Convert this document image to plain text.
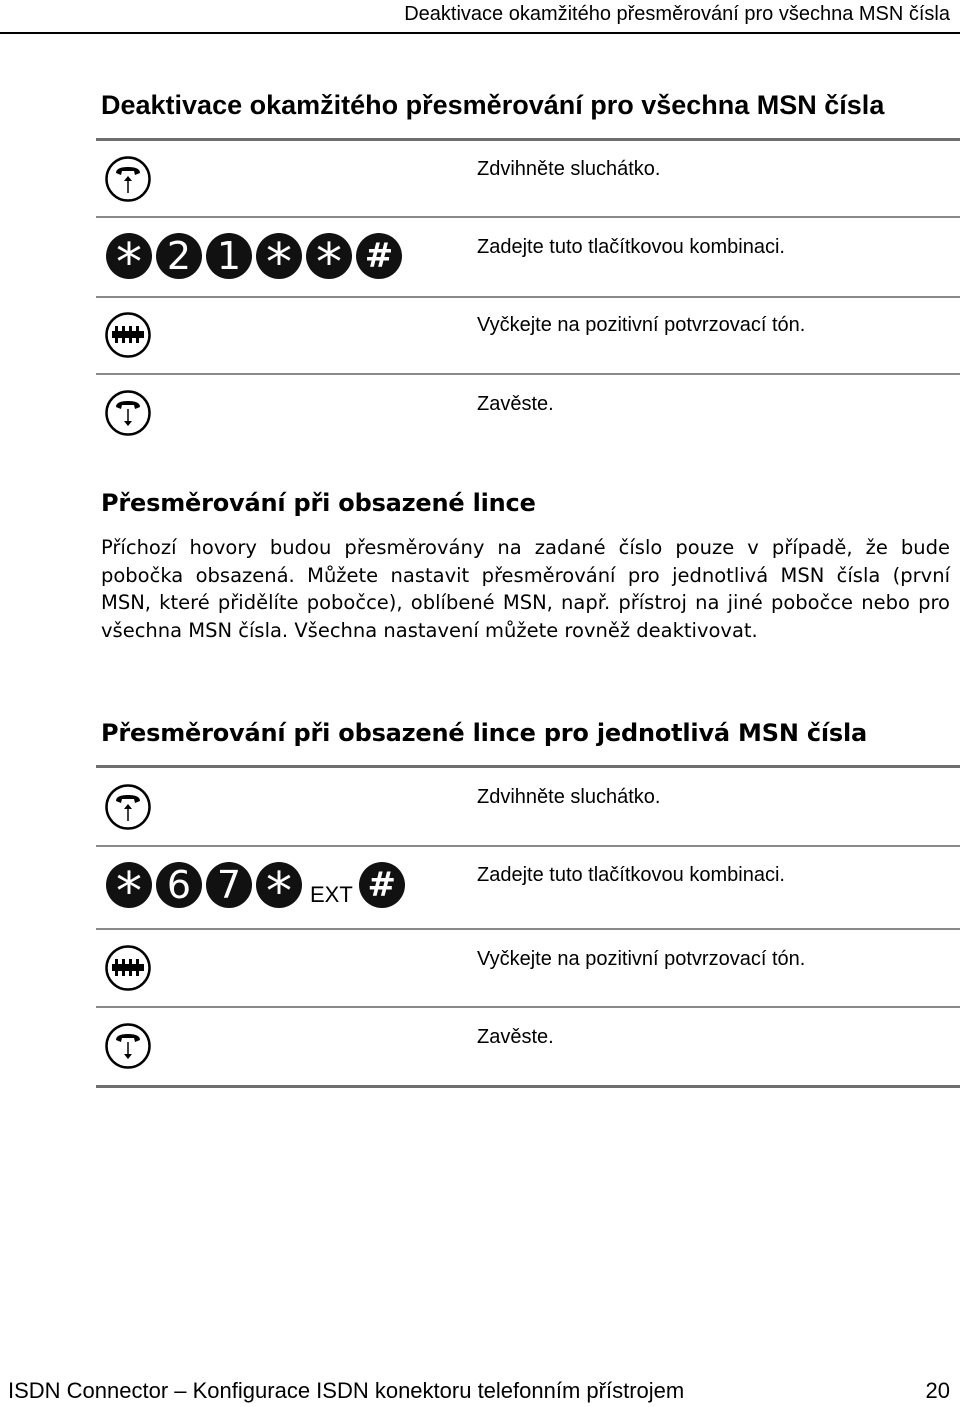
Deaktivace okamžitého přesměrování pro všechna MSN čísla
Deaktivace okamžitého přesměrování pro všechna MSN čísla
Zdvihněte sluchátko.
* 2 1 * * #	Zadejte tuto tlačítkovou kombinaci.
Vyčkejte na pozitivní potvrzovací tón.
Zavěste.
Přesměrování při obsazené lince
Příchozí hovory budou přesměrovány na zadané číslo pouze v případě, že bude pobočka obsazená. Můžete nastavit přesměrování pro jednotlivá MSN čísla (první MSN, které přidělíte pobočce), oblíbené MSN, např. přístroj na jiné pobočce nebo pro všechna MSN čísla. Všechna nastavení můžete rovněž deaktivovat.
Přesměrování při obsazené lince pro jednotlivá MSN čísla
Zdvihněte sluchátko.
* 6 7 * EXT #	Zadejte tuto tlačítkovou kombinaci.
Vyčkejte na pozitivní potvrzovací tón.
Zavěste.
ISDN Connector – Konfigurace ISDN konektoru telefonním přístrojem	20
